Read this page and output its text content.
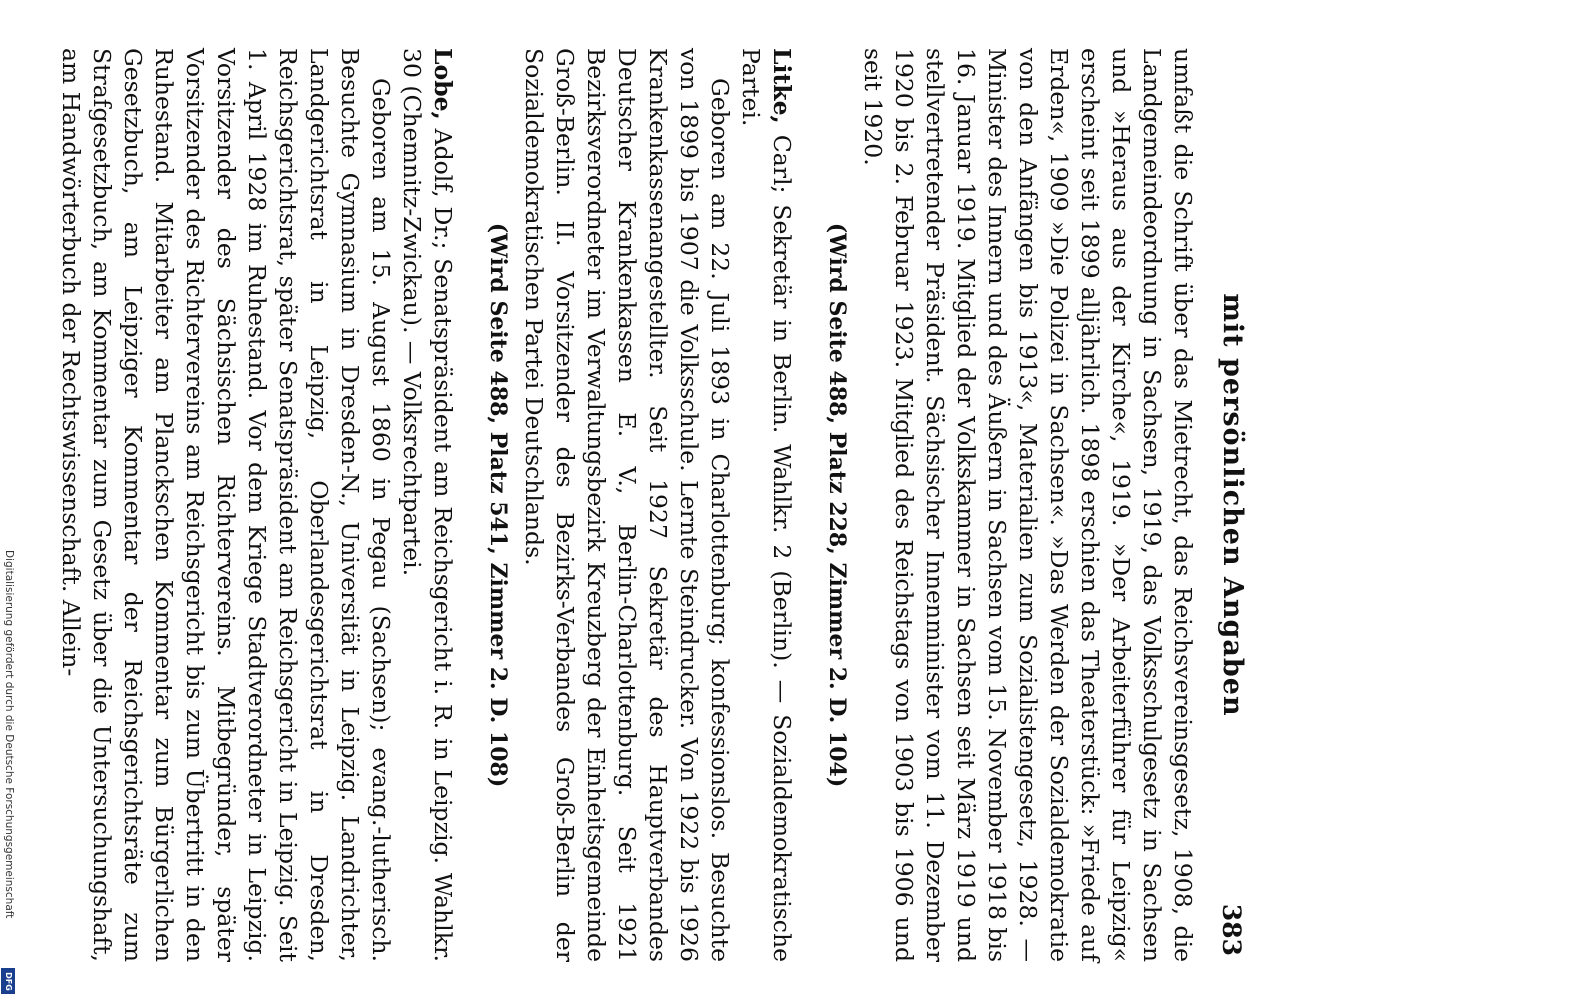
mit persönlichen Angaben
383

umfaßt die Schrift über das Mietrecht, das Reichsvereinsgesetz, 1908, die Landgemeindeordnung in Sachsen, 1919, das Volksschulgesetz in Sachsen und »Heraus aus der Kirche«, 1919. »Der Arbeiterführer für Leipzig« erscheint seit 1899 alljährlich. 1898 erschien das Theaterstück: »Friede auf Erden«, 1909 »Die Polizei in Sachsen«. »Das Werden der Sozialdemokratie von den Anfängen bis 1913«, Materialien zum Sozialistengesetz, 1928. — Minister des Innern und des Äußern in Sachsen vom 15. November 1918 bis 16. Januar 1919. Mitglied der Volkskammer in Sachsen seit März 1919 und stellvertretender Präsident. Sächsischer Innenminister vom 11. Dezember 1920 bis 2. Februar 1923. Mitglied des Reichstags von 1903 bis 1906 und seit 1920.

(Wird Seite 488, Platz 228, Zimmer 2. D. 104)

Litke, Carl; Sekretär in Berlin. Wahlkr. 2 (Berlin). — Sozialdemokratische Partei.

Geboren am 22. Juli 1893 in Charlottenburg; konfessionslos. Besuchte von 1899 bis 1907 die Volksschule. Lernte Steindrucker. Von 1922 bis 1926 Krankenkassenangestellter. Seit 1927 Sekretär des Hauptverbandes Deutscher Krankenkassen E. V., Berlin-Charlottenburg. Seit 1921 Bezirksverordneter im Verwaltungsbezirk Kreuzberg der Einheitsgemeinde Groß-Berlin. II. Vorsitzender des Bezirks-Verbandes Groß-Berlin der Sozialdemokratischen Partei Deutschlands.

(Wird Seite 488, Platz 541, Zimmer 2. D. 108)

Lobe, Adolf, Dr.; Senatspräsident am Reichsgericht i. R. in Leipzig. Wahlkr. 30 (Chemnitz-Zwickau). — Volksrechtpartei.

Geboren am 15. August 1860 in Pegau (Sachsen); evang.-lutherisch. Besuchte Gymnasium in Dresden-N., Universität in Leipzig. Landrichter, Landgerichtsrat in Leipzig, Oberlandesgerichtsrat in Dresden, Reichsgerichtsrat, später Senatspräsident am Reichsgericht in Leipzig. Seit 1. April 1928 im Ruhestand. Vor dem Kriege Stadtverordneter in Leipzig. Vorsitzender des Sächsischen Richtervereins. Mitbegründer, später Vorsitzender des Richtervereins am Reichsgericht bis zum Übertritt in den Ruhestand. Mitarbeiter am Planckschen Kommentar zum Bürgerlichen Gesetzbuch, am Leipziger Kommentar der Reichsgerichtsräte zum Strafgesetzbuch, am Kommentar zum Gesetz über die Untersuchungshaft, am Handwörterbuch der Rechtswissenschaft. Allein-

Digitalisierung gefördert durch die Deutsche Forschungsgemeinschaft
DFG
